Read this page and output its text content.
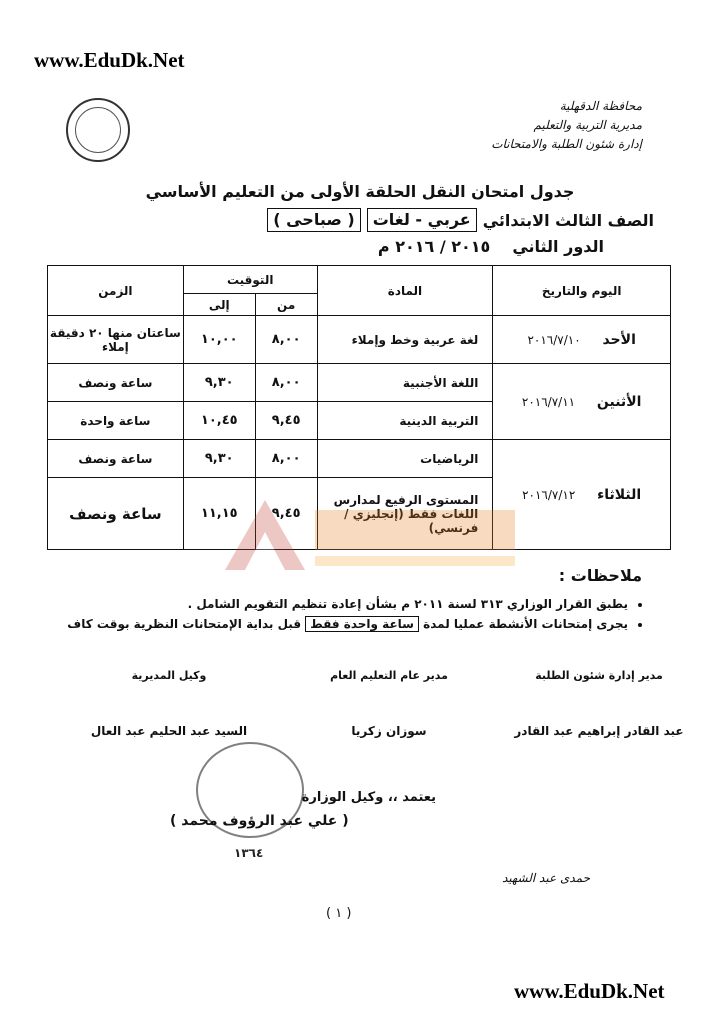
www.EduDk.Net
محافظة الدقهلية
مديرية التربية والتعليم
إدارة شئون الطلبة والامتحانات
جدول امتحان النقل الحلقة الأولى من التعليم الأساسي
الصف الثالث الابتدائي
عربي - لغات
( صباحى )
الدور الثاني
٢٠١٥ / ٢٠١٦ م
اليوم والتاريخ	المادة	التوقيت		الزمن
		من	إلى	
الأحد ٢٠١٦/٧/١٠	لغة عربية وخط وإملاء	٨,٠٠	١٠,٠٠	ساعتان منها ٢٠ دقيقة إملاء
الأثنين ٢٠١٦/٧/١١	اللغة الأجنبية	٨,٠٠	٩,٣٠	ساعة ونصف
	التربية الدينية	٩,٤٥	١٠,٤٥	ساعة واحدة
الثلاثاء ٢٠١٦/٧/١٢	الرياضيات	٨,٠٠	٩,٣٠	ساعة ونصف
	المستوى الرفيع لمدارس اللغات فقط (إنجليزي / فرنسي)	٩,٤٥	١١,١٥	ساعة ونصف
ملاحظات :
• يطبق القرار الوزاري ٣١٣ لسنة ٢٠١١ م بشأن إعادة تنظيم التقويم الشامل .
• يجرى إمتحانات الأنشطة عمليا لمدة ساعة واحدة فقط قبل بداية الإمتحانات النظرية بوقت كاف
مدير إدارة شئون الطلبة
عبد القادر إبراهيم عبد القادر
مدير عام التعليم العام
سوزان زكريا
وكيل المديرية
السيد عبد الحليم عبد العال
يعتمد ،، وكيل الوزارة
( علي عبد الرؤوف محمد )
١٣٦٤
حمدى عبد الشهيد
( ١ )
www.EduDk.Net
